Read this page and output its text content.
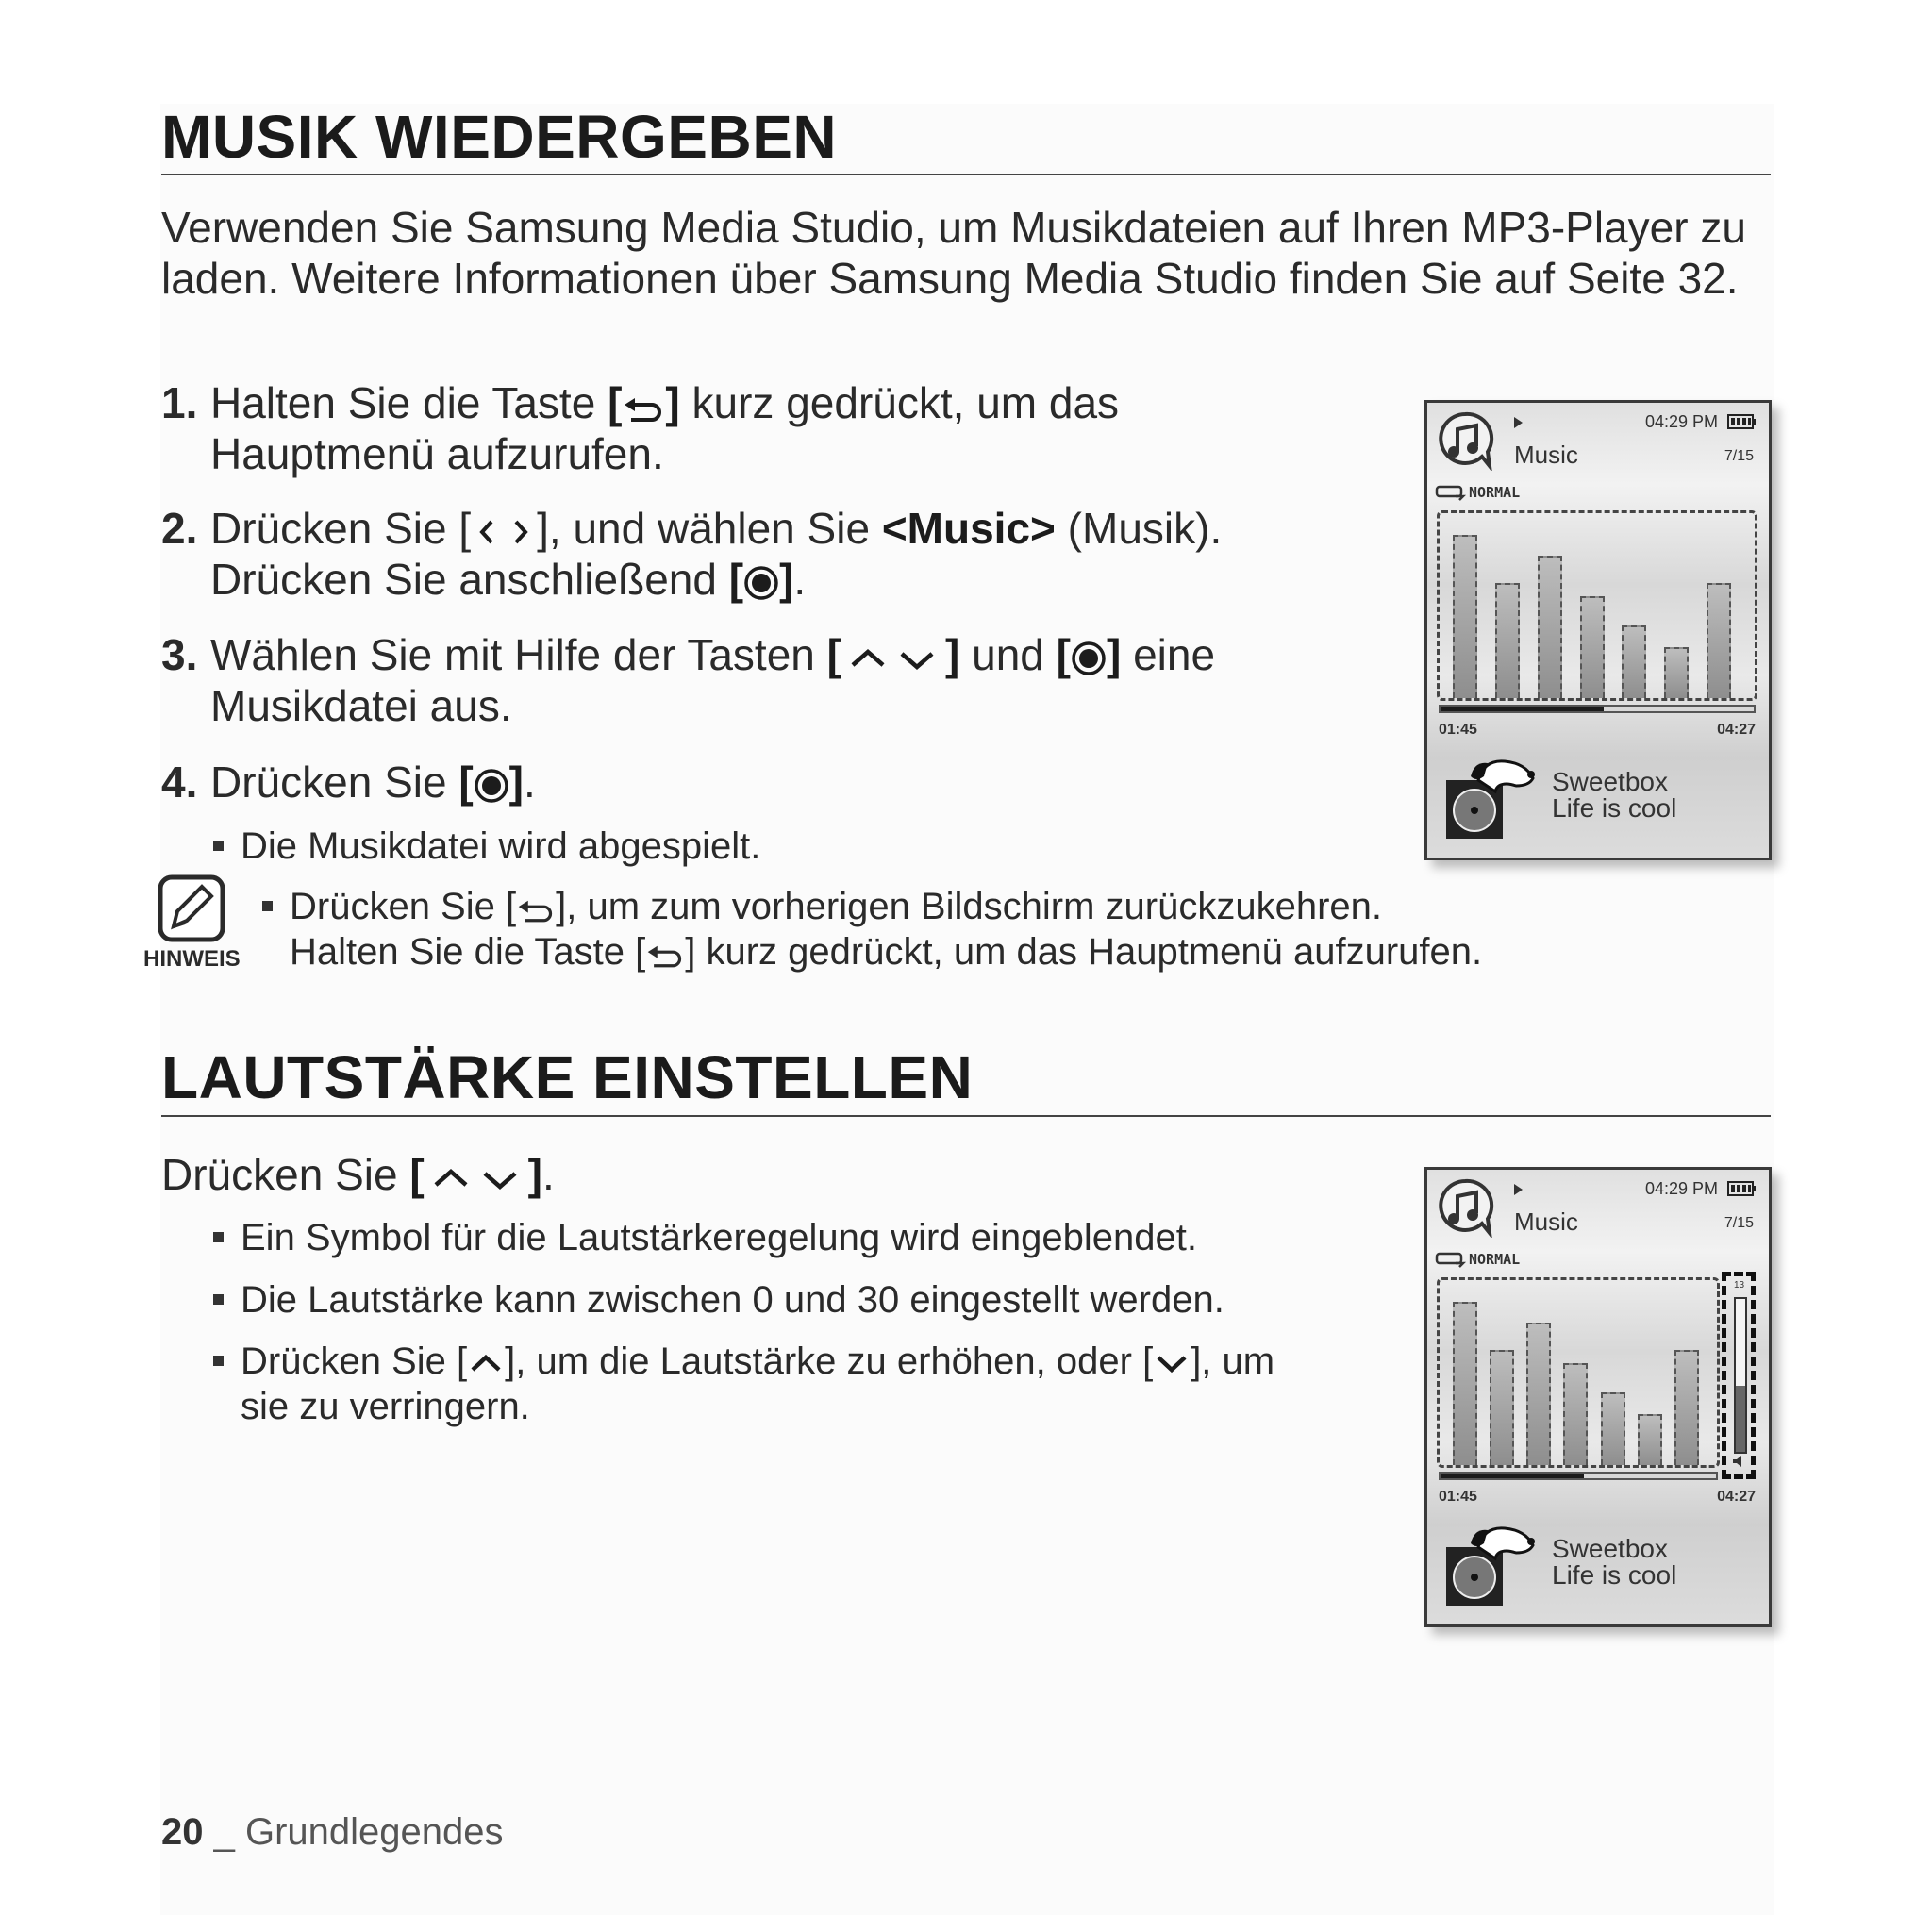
MUSIK WIEDERGEBEN
Verwenden Sie Samsung Media Studio, um Musikdateien auf Ihren MP3-Player zu laden. Weitere Informationen über Samsung Media Studio finden Sie auf Seite 32.
1. Halten Sie die Taste [ ] kurz gedrückt, um das

Hauptmenü aufzurufen.
2. Drücken Sie [ ], und wählen Sie <Music> (Musik).

Drücken Sie anschließend [ ].
3. Wählen Sie mit Hilfe der Tasten [ ] und [ ] eine

Musikdatei aus.
4. Drücken Sie [ ].
Die Musikdatei wird abgespielt.
HINWEIS
Drücken Sie [ ], um zum vorherigen Bildschirm zurückzukehren.

Halten Sie die Taste [ ] kurz gedrückt, um das Hauptmenü aufzurufen.
LAUTSTÄRKE EINSTELLEN
Drücken Sie [ ].
Ein Symbol für die Lautstärkeregelung wird eingeblendet.
Die Lautstärke kann zwischen 0 und 30 eingestellt werden.
Drücken Sie [ ], um die Lautstärke zu erhöhen, oder [ ], um

sie zu verringern.
04:29 PM
Music	7/15
NORMAL
01:45	04:27
Sweetbox
Life is cool
04:29 PM
Music	7/15
NORMAL
13
01:45	04:27
Sweetbox
Life is cool
20 _ Grundlegendes
